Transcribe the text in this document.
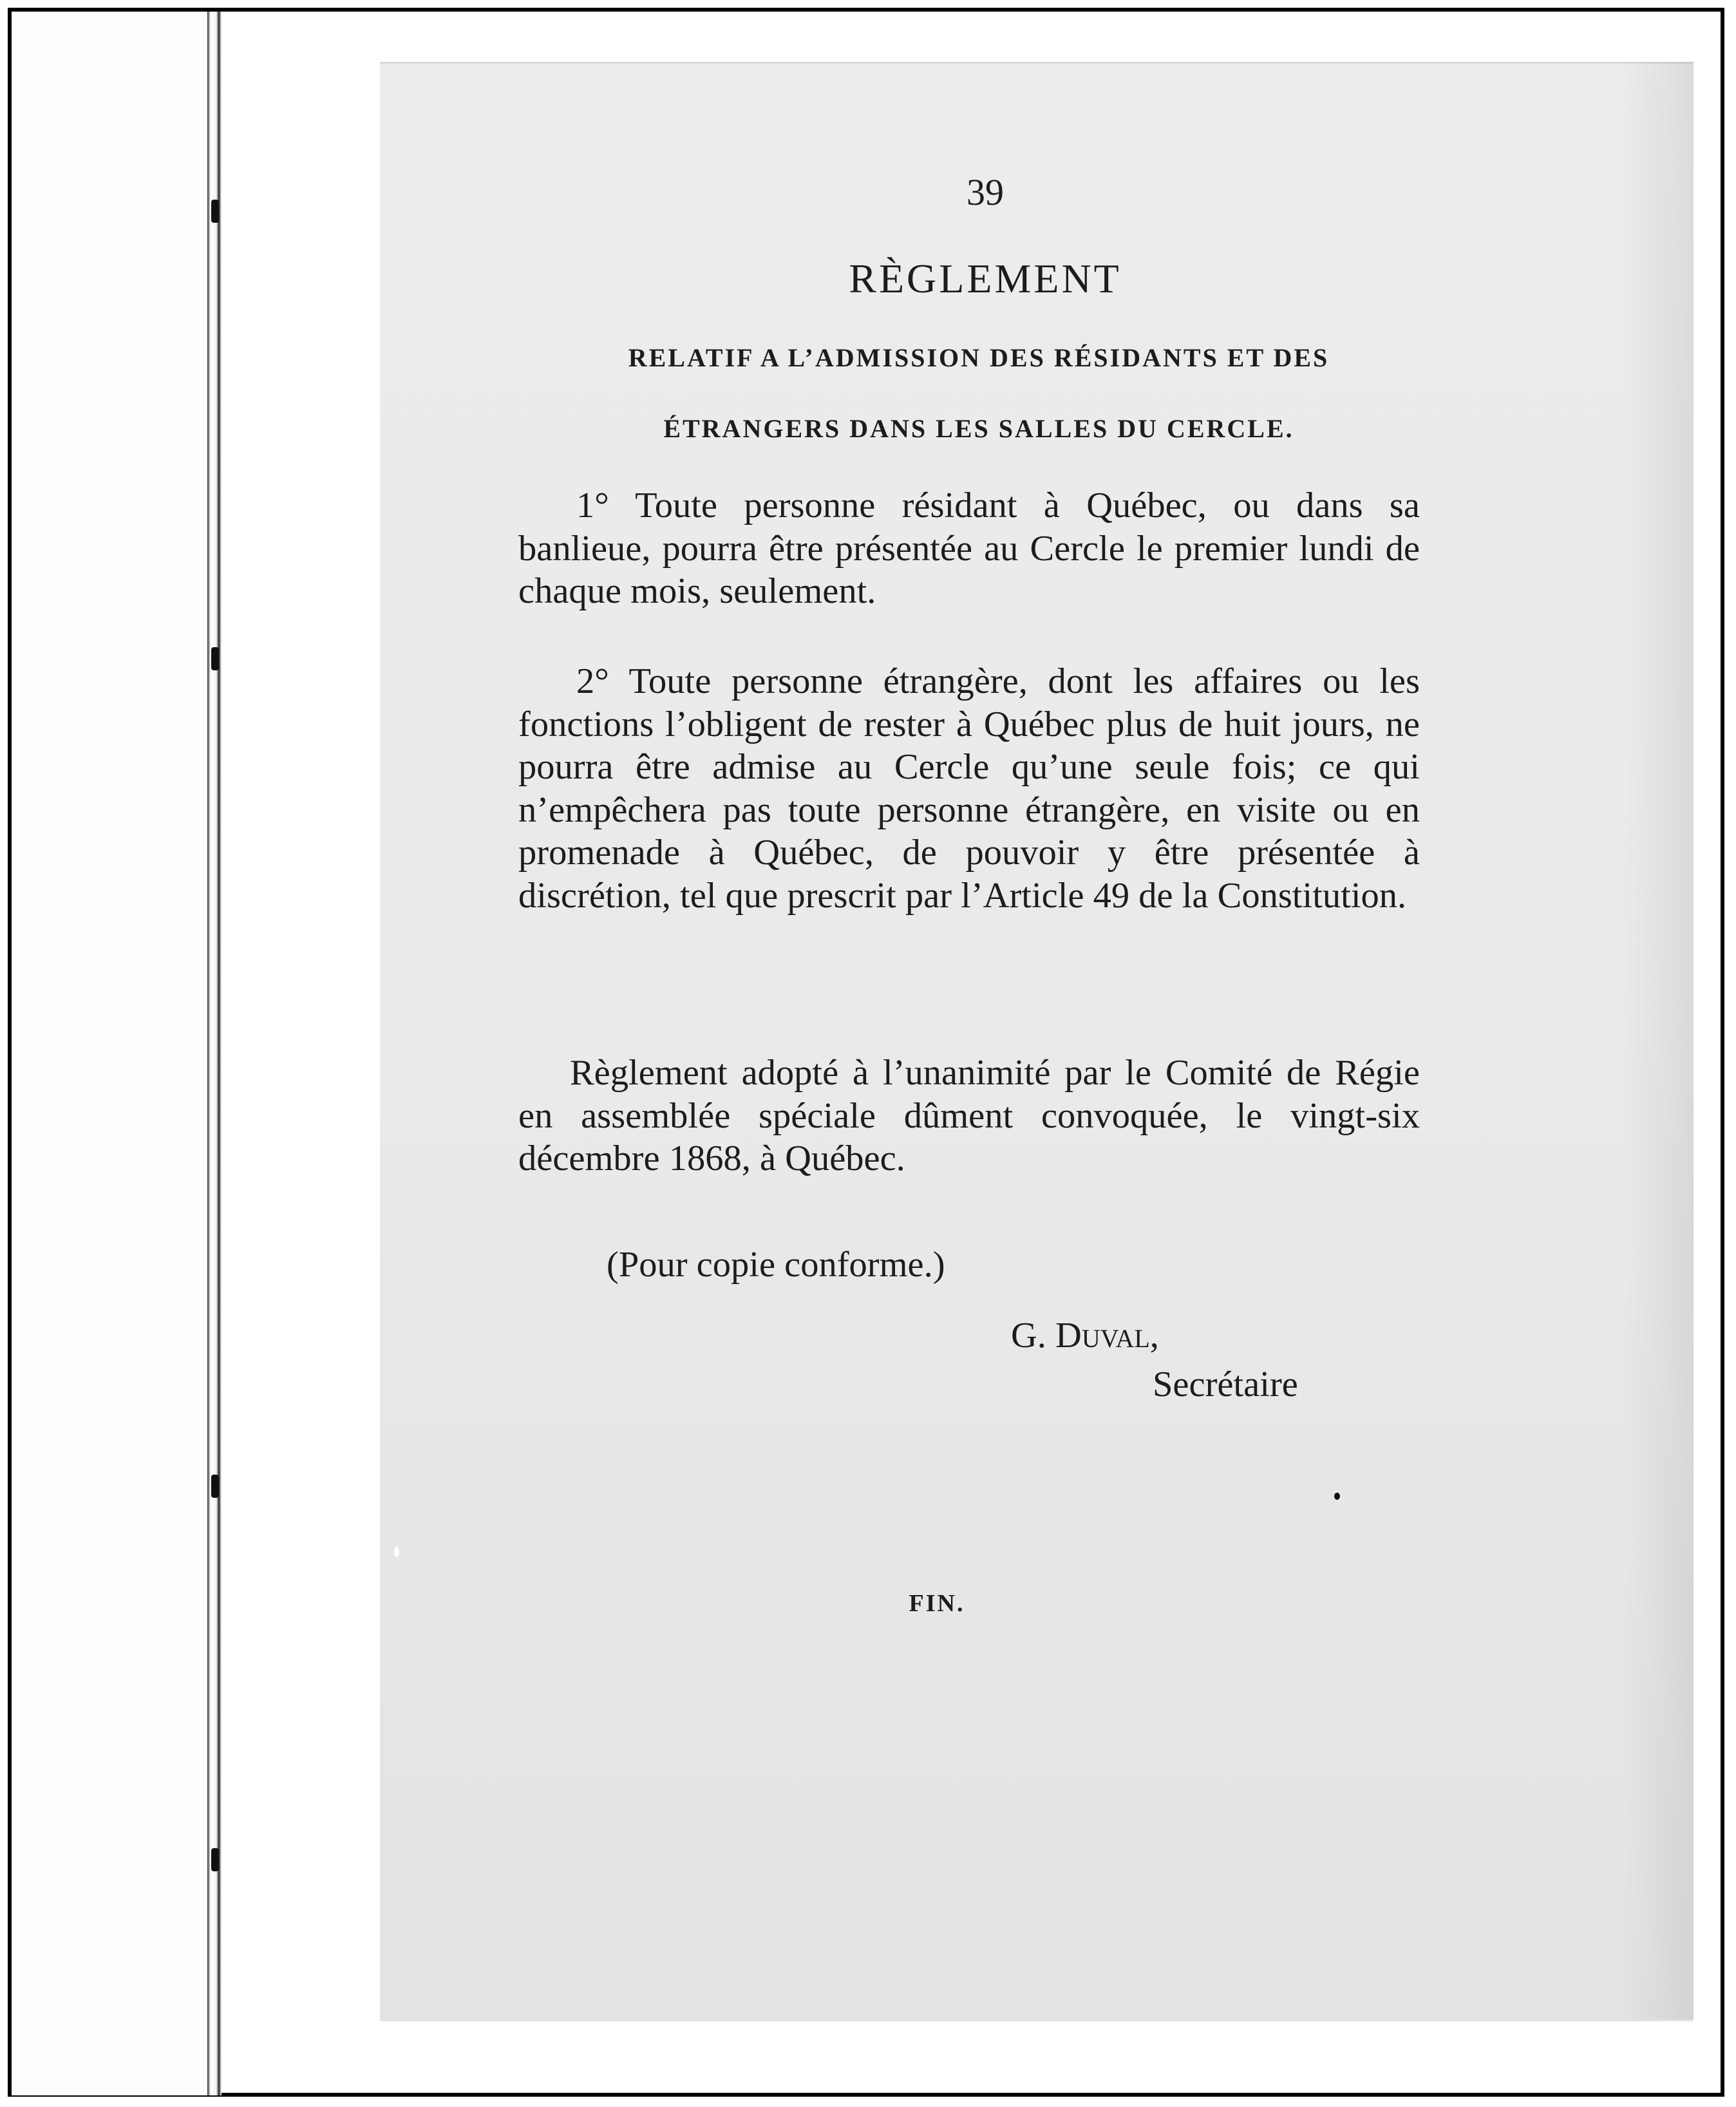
39
RÈGLEMENT
RELATIF A L’ADMISSION DES RÉSIDANTS ET DES
ÉTRANGERS DANS LES SALLES DU CERCLE.
1° Toute personne résidant à Québec, ou dans sa banlieue, pourra être présentée au Cercle le premier lundi de chaque mois, seulement.
2° Toute personne étrangère, dont les affaires ou les fonctions l’obligent de rester à Québec plus de huit jours, ne pourra être admise au Cercle qu’une seule fois; ce qui n’empêchera pas toute personne étrangère, en visite ou en promenade à Québec, de pouvoir y être présentée à discrétion, tel que prescrit par l’Article 49 de la Constitution.
Règlement adopté à l’unanimité par le Comité de Régie en assemblée spéciale dûment convoquée, le vingt-six décembre 1868, à Québec.
(Pour copie conforme.)
G. Duval,
Secrétaire
FIN.
